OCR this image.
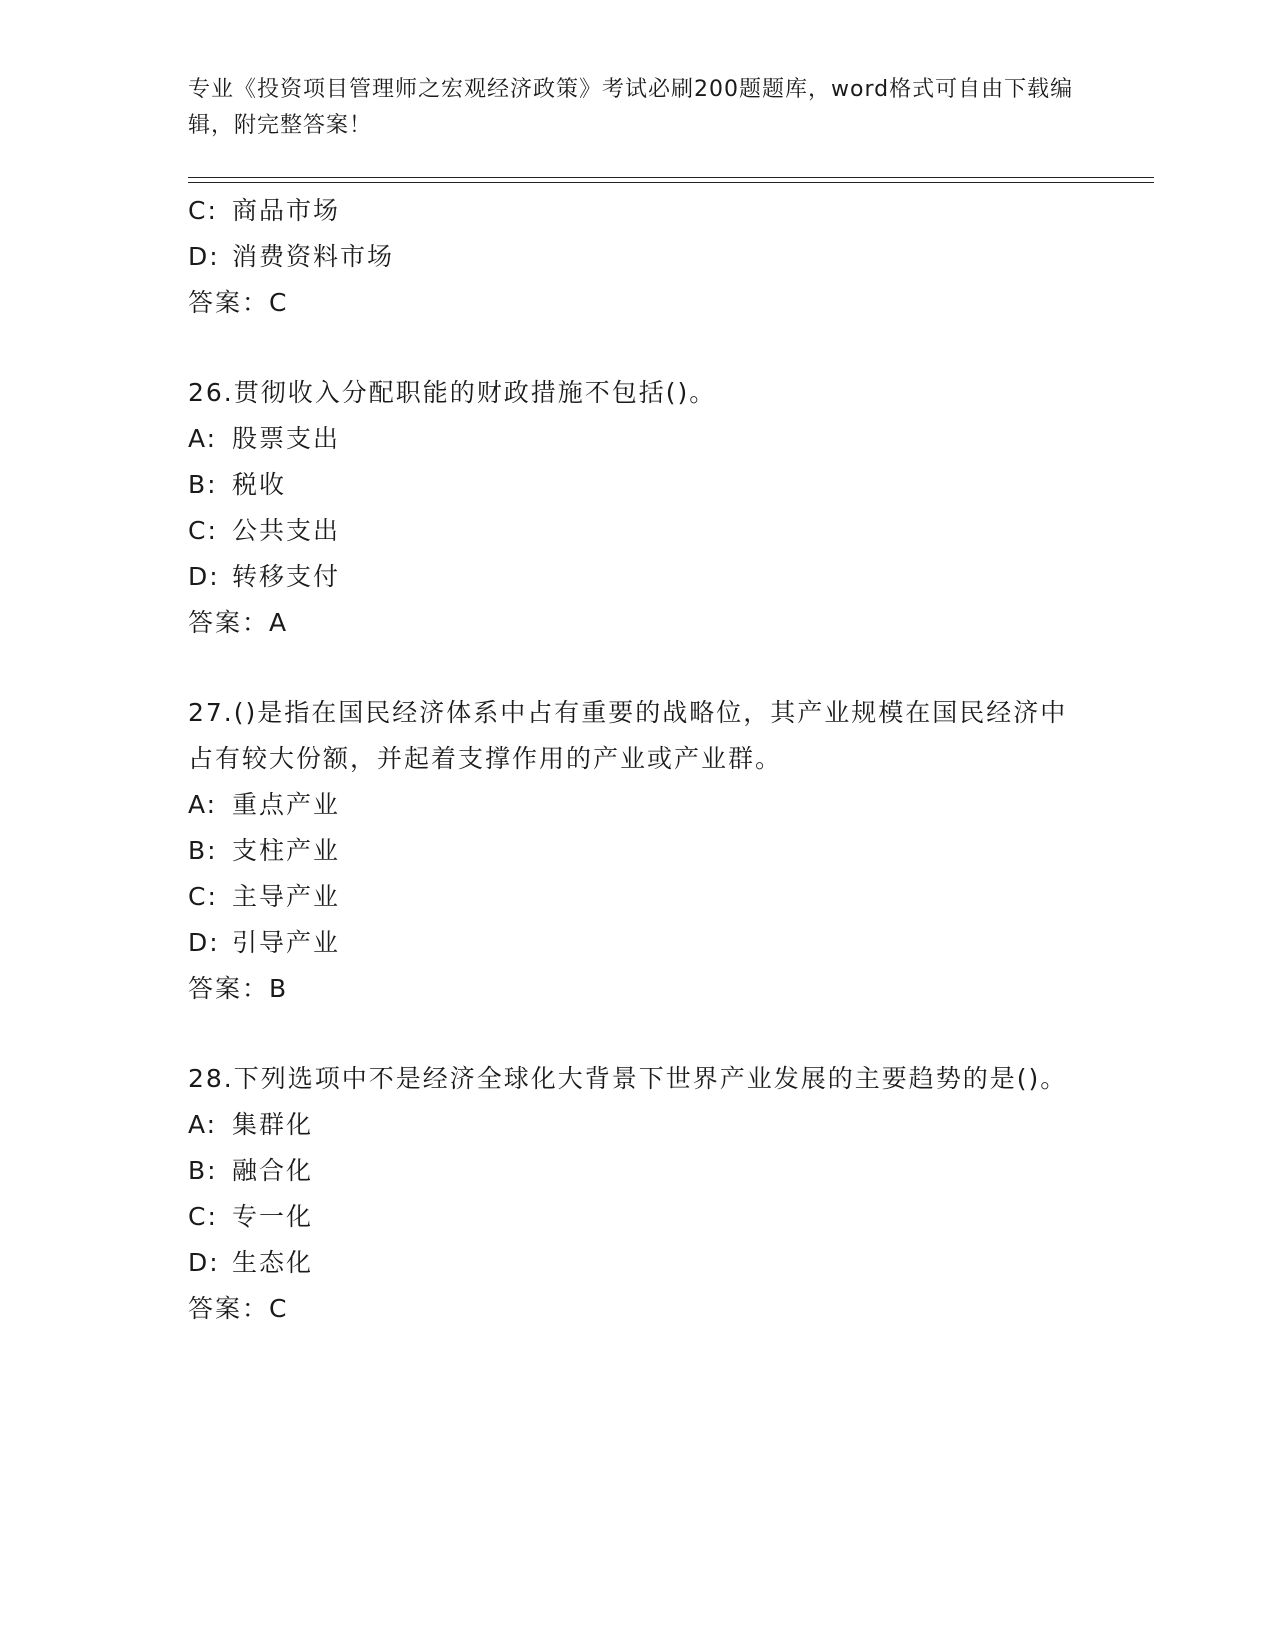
专业《投资项目管理师之宏观经济政策》考试必刷200题题库，word格式可自由下载编辑，附完整答案！
C: 商品市场
D: 消费资料市场
答案：C
26.贯彻收入分配职能的财政措施不包括()。
A: 股票支出
B: 税收
C: 公共支出
D: 转移支付
答案：A
27.()是指在国民经济体系中占有重要的战略位，其产业规模在国民经济中占有较大份额，并起着支撑作用的产业或产业群。
A: 重点产业
B: 支柱产业
C: 主导产业
D: 引导产业
答案：B
28.下列选项中不是经济全球化大背景下世界产业发展的主要趋势的是()。
A: 集群化
B: 融合化
C: 专一化
D: 生态化
答案：C
